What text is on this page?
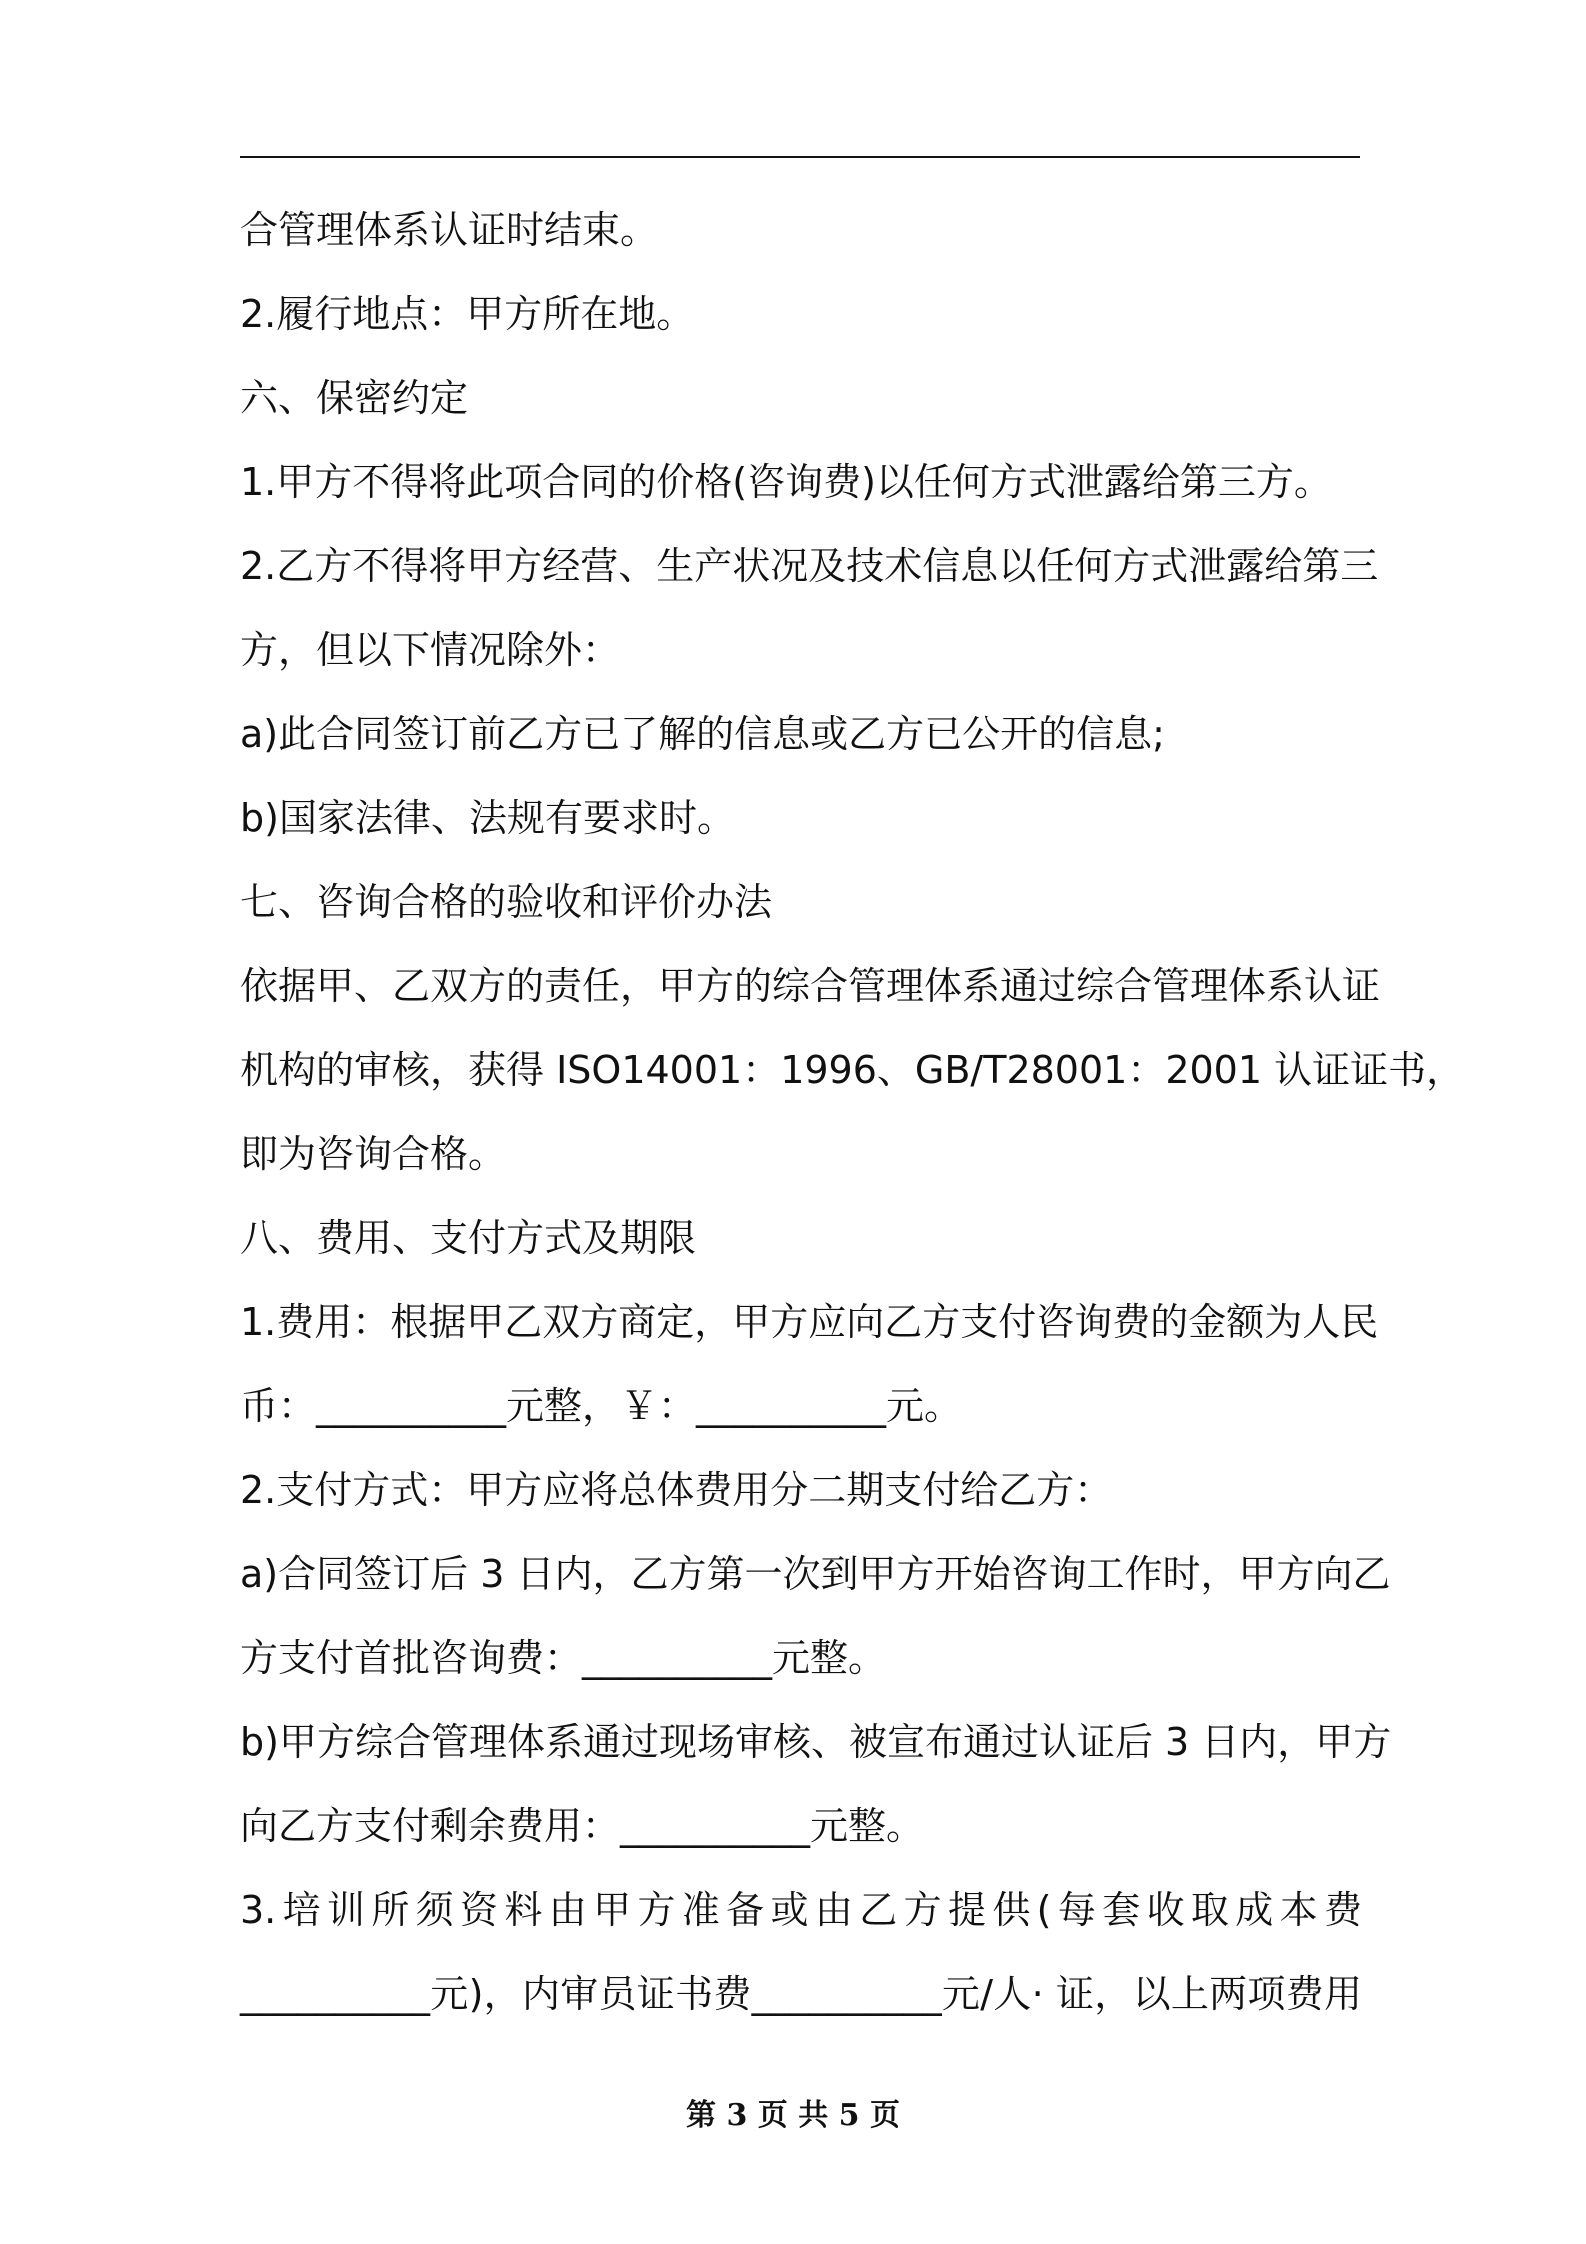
合管理体系认证时结束。
2.履行地点：甲方所在地。
六、保密约定
1.甲方不得将此项合同的价格(咨询费)以任何方式泄露给第三方。
2.乙方不得将甲方经营、生产状况及技术信息以任何方式泄露给第三
方，但以下情况除外：
a)此合同签订前乙方已了解的信息或乙方已公开的信息;
b)国家法律、法规有要求时。
七、咨询合格的验收和评价办法
依据甲、乙双方的责任，甲方的综合管理体系通过综合管理体系认证
机构的审核，获得 ISO14001：1996、GB/T28001：2001 认证证书，
即为咨询合格。
八、费用、支付方式及期限
1.费用：根据甲乙双方商定，甲方应向乙方支付咨询费的金额为人民
币：__________元整，￥：__________元。
2.支付方式：甲方应将总体费用分二期支付给乙方：
a)合同签订后 3 日内，乙方第一次到甲方开始咨询工作时，甲方向乙
方支付首批咨询费：__________元整。
b)甲方综合管理体系通过现场审核、被宣布通过认证后 3 日内，甲方
向乙方支付剩余费用：__________元整。
3.培训所须资料由甲方准备或由乙方提供(每套收取成本费
__________元)，内审员证书费__________元/人· 证，以上两项费用
第 3 页 共 5 页
